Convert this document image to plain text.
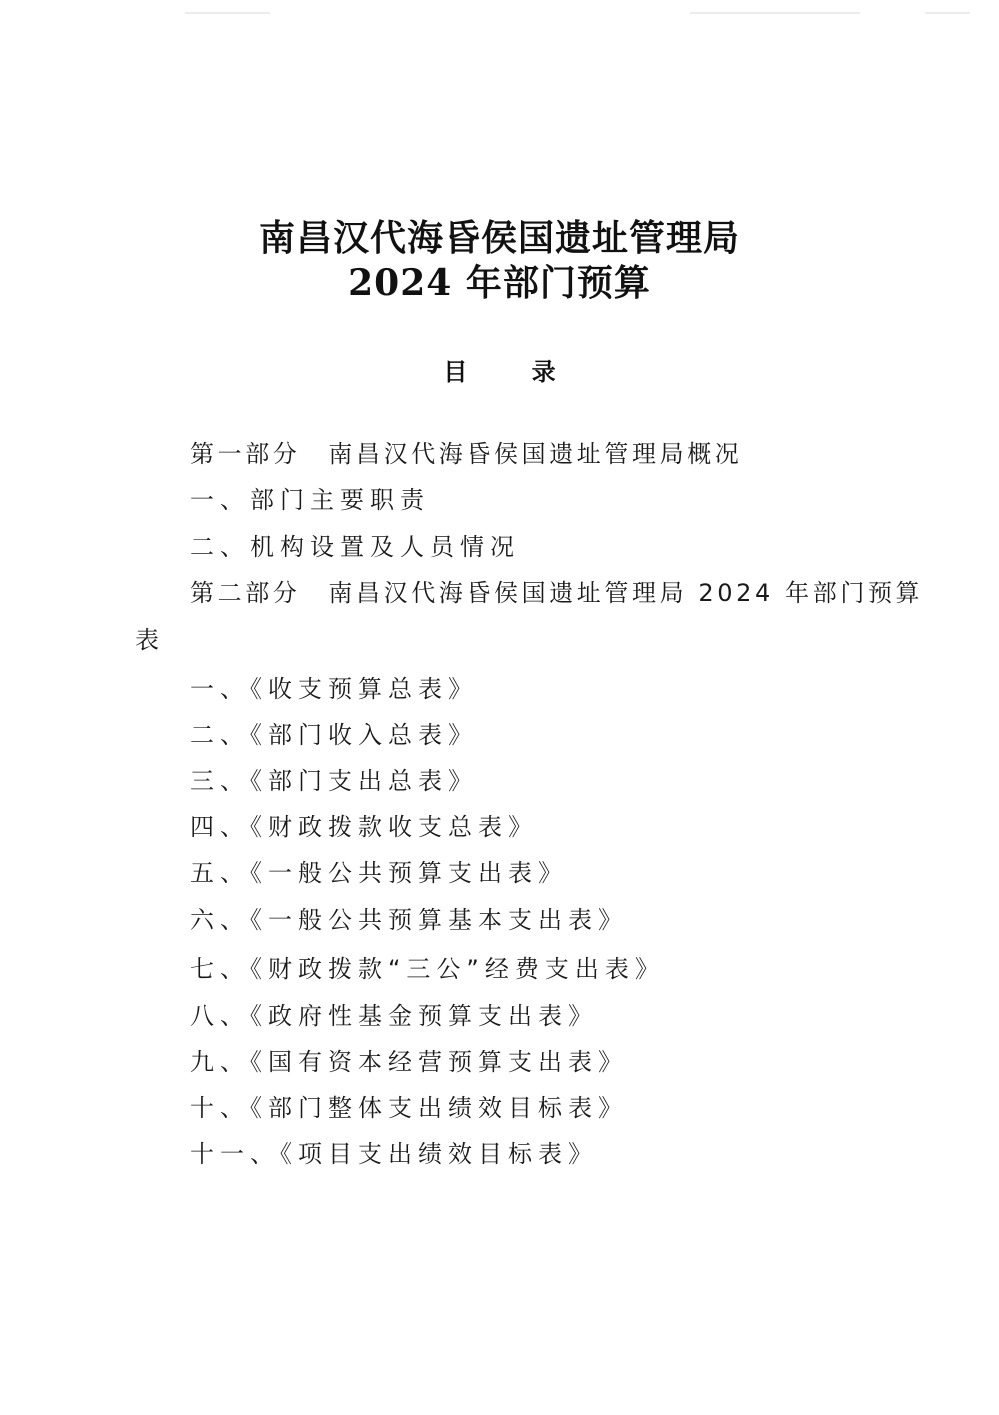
南昌汉代海昏侯国遗址管理局
2024 年部门预算
目 录

第一部分 南昌汉代海昏侯国遗址管理局概况

一、部门主要职责

二、机构设置及人员情况

第二部分 南昌汉代海昏侯国遗址管理局 2024 年部门预算

表

一、《收支预算总表》

二、《部门收入总表》

三、《部门支出总表》

四、《财政拨款收支总表》

五、《一般公共预算支出表》

六、《一般公共预算基本支出表》

七、《财政拨款“三公”经费支出表》

八、《政府性基金预算支出表》

九、《国有资本经营预算支出表》

十、《部门整体支出绩效目标表》

十一、《项目支出绩效目标表》
